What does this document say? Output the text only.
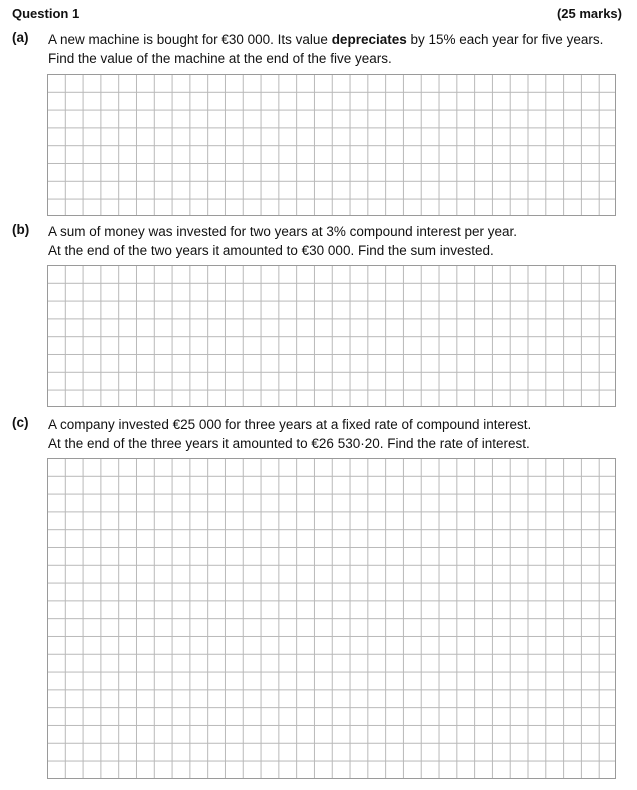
Question 1	(25 marks)
(a) A new machine is bought for €30 000. Its value depreciates by 15% each year for five years.
Find the value of the machine at the end of the five years.
(b) A sum of money was invested for two years at 3% compound interest per year.
At the end of the two years it amounted to €30 000. Find the sum invested.
(c) A company invested €25 000 for three years at a fixed rate of compound interest.
At the end of the three years it amounted to €26 530·20. Find the rate of interest.
